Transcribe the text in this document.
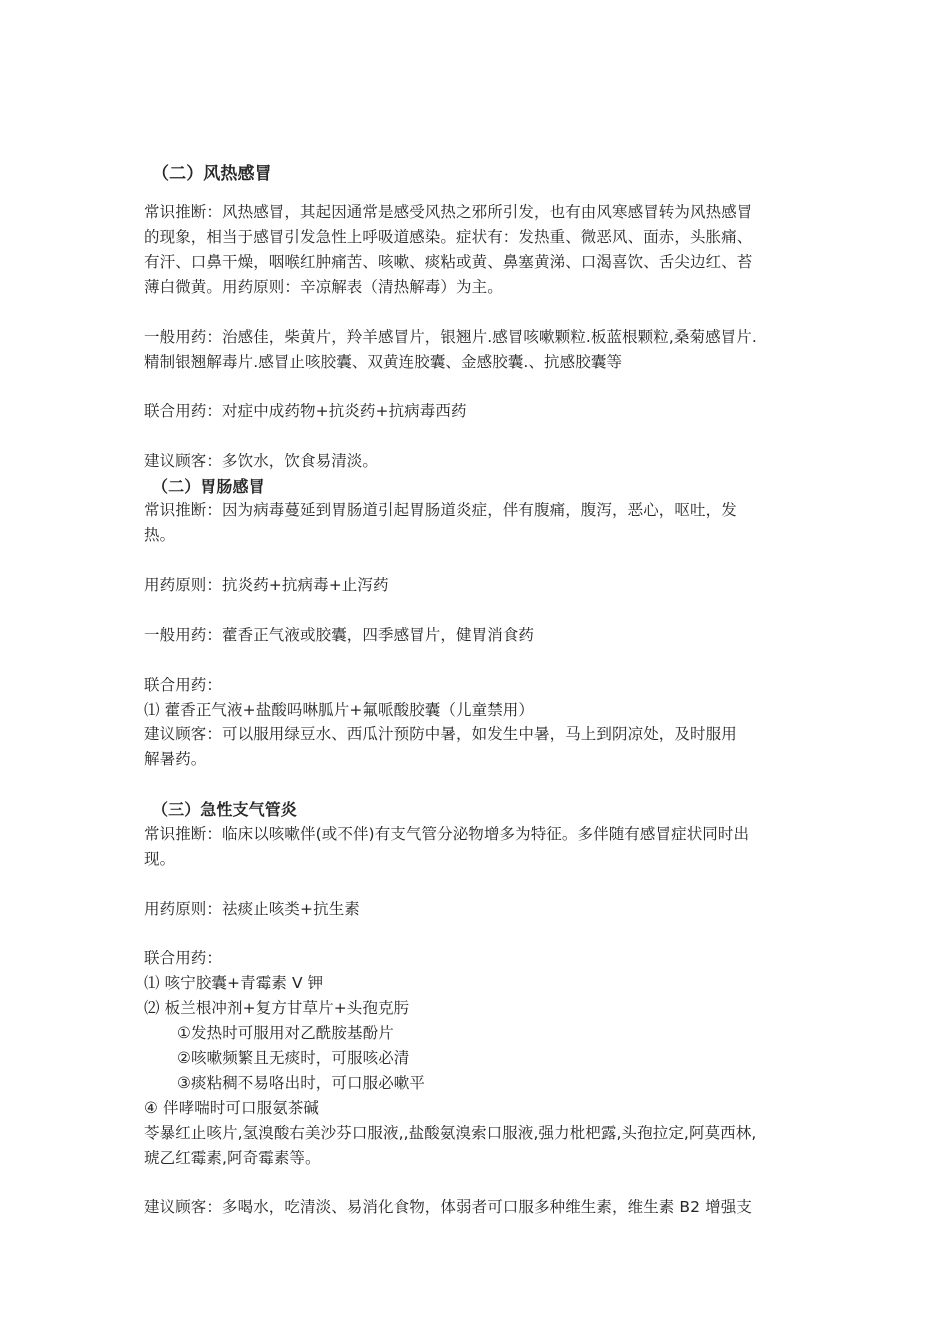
（二）风热感冒
常识推断：风热感冒，其起因通常是感受风热之邪所引发，也有由风寒感冒转为风热感冒
的现象，相当于感冒引发急性上呼吸道感染。症状有：发热重、微恶风、面赤，头胀痛、
有汗、口鼻干燥，咽喉红肿痛苦、咳嗽、痰粘或黄、鼻塞黄涕、口渴喜饮、舌尖边红、苔
薄白微黄。用药原则：辛凉解表（清热解毒）为主。
一般用药：治感佳，柴黄片，羚羊感冒片，银翘片.感冒咳嗽颗粒.板蓝根颗粒,桑菊感冒片.
精制银翘解毒片.感冒止咳胶囊、双黄连胶囊、金感胶囊.、抗感胶囊等
联合用药：对症中成药物+抗炎药+抗病毒西药
建议顾客：多饮水，饮食易清淡。
（二）胃肠感冒
常识推断：因为病毒蔓延到胃肠道引起胃肠道炎症，伴有腹痛，腹泻，恶心，呕吐，发
热。
用药原则：抗炎药+抗病毒+止泻药
一般用药：藿香正气液或胶囊，四季感冒片，健胃消食药
联合用药：
⑴ 藿香正气液+盐酸吗啉胍片+氟哌酸胶囊（儿童禁用）
建议顾客：可以服用绿豆水、西瓜汁预防中暑，如发生中暑，马上到阴凉处，及时服用
解暑药。
（三）急性支气管炎
常识推断：临床以咳嗽伴(或不伴)有支气管分泌物增多为特征。多伴随有感冒症状同时出
现。
用药原则：祛痰止咳类+抗生素
联合用药：
⑴ 咳宁胶囊+青霉素 V 钾
⑵ 板兰根冲剂+复方甘草片+头孢克肟
①发热时可服用对乙酰胺基酚片
②咳嗽频繁且无痰时，可服咳必清
③痰粘稠不易咯出时，可口服必嗽平
④ 伴哮喘时可口服氨茶碱
苓暴红止咳片,氢溴酸右美沙芬口服液,,盐酸氨溴索口服液,强力枇杷露,头孢拉定,阿莫西林,
琥乙红霉素,阿奇霉素等。
建议顾客：多喝水，吃清淡、易消化食物，体弱者可口服多种维生素，维生素 B2 增强支
